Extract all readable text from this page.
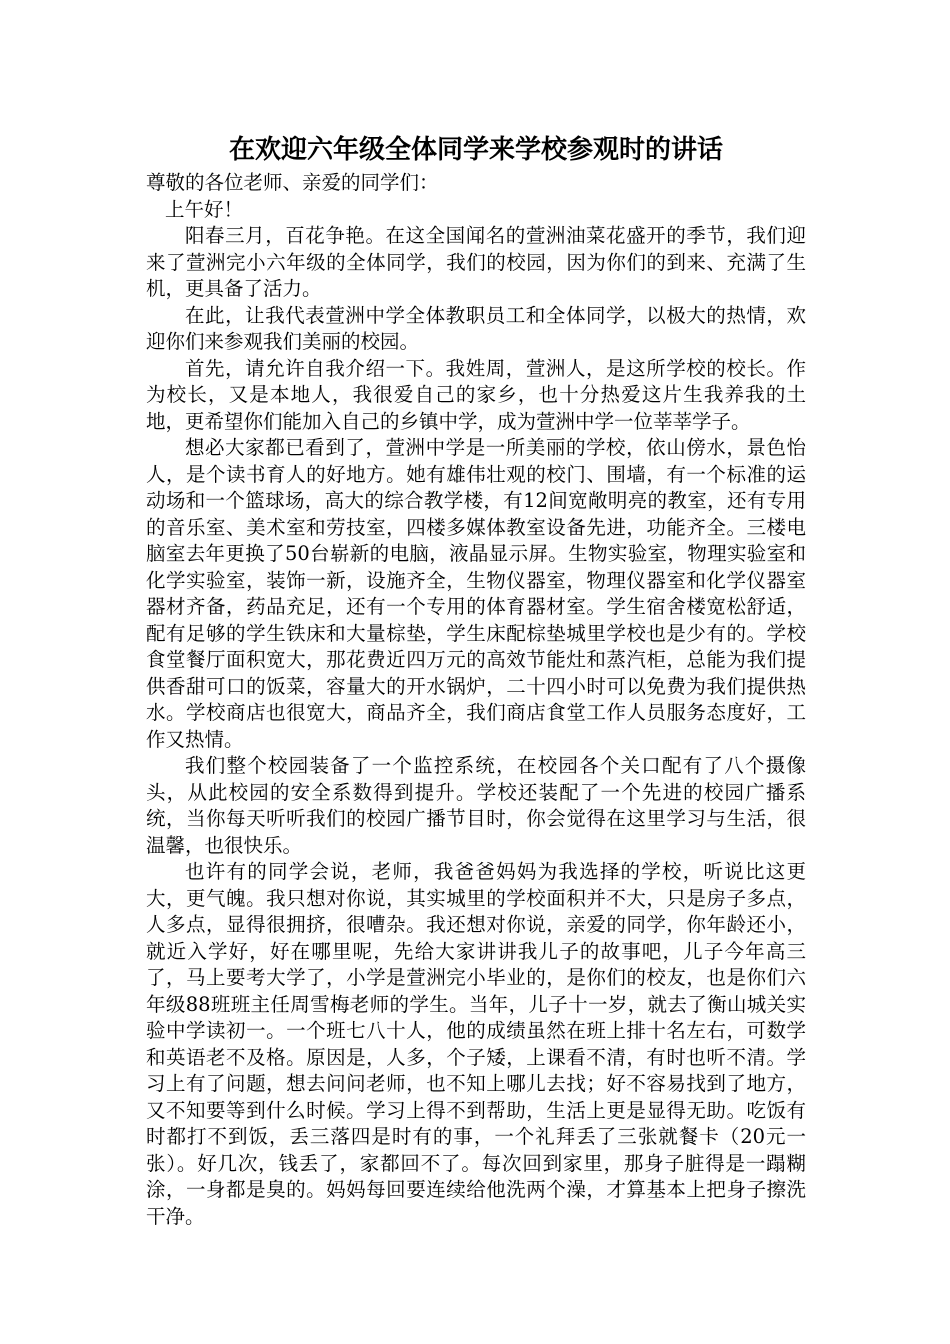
在欢迎六年级全体同学来学校参观时的讲话

尊敬的各位老师、亲爱的同学们：

上午好！

阳春三月，百花争艳。在这全国闻名的萱洲油菜花盛开的季节，我们迎来了萱洲完小六年级的全体同学，我们的校园，因为你们的到来、充满了生机，更具备了活力。

在此，让我代表萱洲中学全体教职员工和全体同学，以极大的热情，欢迎你们来参观我们美丽的校园。

首先，请允许自我介绍一下。我姓周，萱洲人，是这所学校的校长。作为校长，又是本地人，我很爱自己的家乡，也十分热爱这片生我养我的土地，更希望你们能加入自己的乡镇中学，成为萱洲中学一位莘莘学子。

想必大家都已看到了，萱洲中学是一所美丽的学校，依山傍水，景色怡人，是个读书育人的好地方。她有雄伟壮观的校门、围墙，有一个标准的运动场和一个篮球场，高大的综合教学楼，有12间宽敞明亮的教室，还有专用的音乐室、美术室和劳技室，四楼多媒体教室设备先进，功能齐全。三楼电脑室去年更换了50台崭新的电脑，液晶显示屏。生物实验室，物理实验室和化学实验室，装饰一新，设施齐全，生物仪器室，物理仪器室和化学仪器室器材齐备，药品充足，还有一个专用的体育器材室。学生宿舍楼宽松舒适，配有足够的学生铁床和大量棕垫，学生床配棕垫城里学校也是少有的。学校食堂餐厅面积宽大，那花费近四万元的高效节能灶和蒸汽柜，总能为我们提供香甜可口的饭菜，容量大的开水锅炉，二十四小时可以免费为我们提供热水。学校商店也很宽大，商品齐全，我们商店食堂工作人员服务态度好，工作又热情。

我们整个校园装备了一个监控系统，在校园各个关口配有了八个摄像头，从此校园的安全系数得到提升。学校还装配了一个先进的校园广播系统，当你每天听听我们的校园广播节目时，你会觉得在这里学习与生活，很温馨，也很快乐。

也许有的同学会说，老师，我爸爸妈妈为我选择的学校，听说比这更大，更气魄。我只想对你说，其实城里的学校面积并不大，只是房子多点，人多点，显得很拥挤，很嘈杂。我还想对你说，亲爱的同学，你年龄还小，就近入学好，好在哪里呢，先给大家讲讲我儿子的故事吧，儿子今年高三了，马上要考大学了，小学是萱洲完小毕业的，是你们的校友，也是你们六年级88班班主任周雪梅老师的学生。当年，儿子十一岁，就去了衡山城关实验中学读初一。一个班七八十人，他的成绩虽然在班上排十名左右，可数学和英语老不及格。原因是，人多，个子矮，上课看不清，有时也听不清。学习上有了问题，想去问问老师，也不知上哪儿去找；好不容易找到了地方，又不知要等到什么时候。学习上得不到帮助，生活上更是显得无助。吃饭有时都打不到饭，丢三落四是时有的事，一个礼拜丢了三张就餐卡（20元一张）。好几次，钱丢了，家都回不了。每次回到家里，那身子脏得是一蹋糊涂，一身都是臭的。妈妈每回要连续给他洗两个澡，才算基本上把身子擦洗干净。
